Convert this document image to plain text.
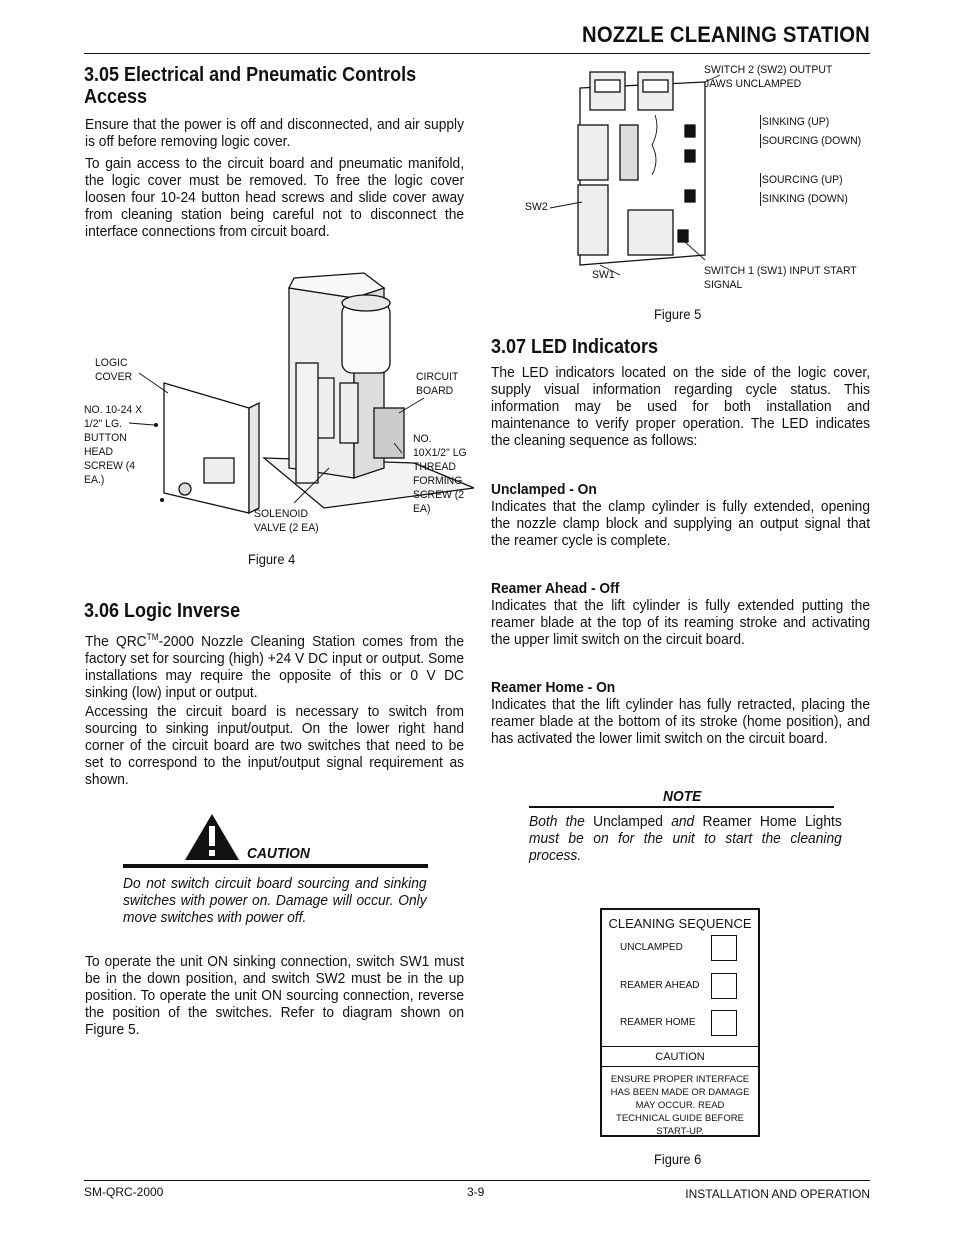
NOZZLE CLEANING STATION
3.05 Electrical and Pneumatic Controls Access
Ensure that the power is off and disconnected, and air supply is off before removing logic cover.
To gain access to the circuit board and pneumatic manifold, the logic cover must be removed. To free the logic cover loosen four 10-24 button head screws and slide cover away from cleaning station being careful not to disconnect the interface connections from circuit board.
LOGIC COVER
NO. 10-24 X 1/2" LG. BUTTON HEAD SCREW (4 EA.)
CIRCUIT BOARD
NO. 10X1/2" LG THREAD FORMING SCREW (2 EA)
SOLENOID VALVE (2 EA)
Figure 4
3.06 Logic Inverse
The QRC™-2000 Nozzle Cleaning Station comes from the factory set for sourcing (high) +24 V DC input or output. Some installations may require the opposite of this or 0 V DC sinking (low) input or output.
Accessing the circuit board is necessary to switch from sourcing to sinking input/output. On the lower right hand corner of the circuit board are two switches that need to be set to correspond to the input/output signal requirement as shown.
CAUTION
Do not switch circuit board sourcing and sinking switches with power on. Damage will occur. Only move switches with power off.
To operate the unit ON sinking connection, switch SW1 must be in the down position, and switch SW2 must be in the up position. To operate the unit ON sourcing connection, reverse the position of the switches. Refer to diagram shown on Figure 5.
SWITCH 2 (SW2) OUTPUT JAWS UNCLAMPED
SINKING (UP)
SOURCING (DOWN)
SOURCING (UP)
SINKING (DOWN)
SW2
SW1	SWITCH 1 (SW1) INPUT START SIGNAL
Figure 5
3.07 LED Indicators
The LED indicators located on the side of the logic cover, supply visual information regarding cycle status. This information may be used for both installation and maintenance to verify proper operation. The LED indicates the cleaning sequence as follows:
Unclamped - On
Indicates that the clamp cylinder is fully extended, opening the nozzle clamp block and supplying an output signal that the reamer cycle is complete.
Reamer Ahead - Off
Indicates that the lift cylinder is fully extended putting the reamer blade at the top of its reaming stroke and activating the upper limit switch on the circuit board.
Reamer Home - On
Indicates that the lift cylinder has fully retracted, placing the reamer blade at the bottom of its stroke (home position), and has activated the lower limit switch on the circuit board.
NOTE
Both the Unclamped and Reamer Home Lights must be on for the unit to start the cleaning process.
CLEANING SEQUENCE
UNCLAMPED
REAMER AHEAD
REAMER HOME
CAUTION
ENSURE PROPER INTERFACE HAS BEEN MADE OR DAMAGE MAY OCCUR. READ TECHNICAL GUIDE BEFORE START-UP.
Figure 6
SM-QRC-2000	3-9	INSTALLATION AND OPERATION
